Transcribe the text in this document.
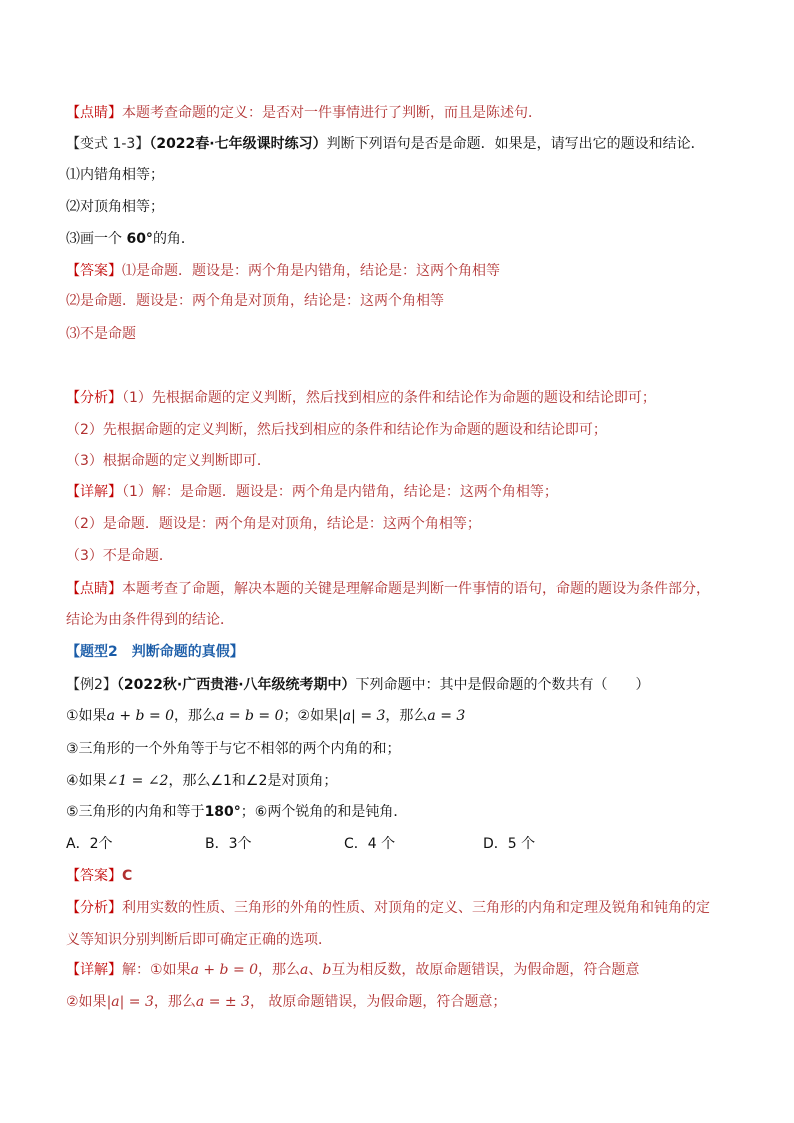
【点睛】本题考查命题的定义：是否对一件事情进行了判断，而且是陈述句．
【变式 1-3】（2022春·七年级课时练习）判断下列语句是否是命题．如果是，请写出它的题设和结论．
⑴内错角相等；
⑵对顶角相等；
⑶画一个 60°的角．
【答案】⑴是命题．题设是：两个角是内错角，结论是：这两个角相等
⑵是命题．题设是：两个角是对顶角，结论是：这两个角相等
⑶不是命题
【分析】（1）先根据命题的定义判断，然后找到相应的条件和结论作为命题的题设和结论即可；
（2）先根据命题的定义判断，然后找到相应的条件和结论作为命题的题设和结论即可；
（3）根据命题的定义判断即可．
【详解】（1）解：是命题．题设是：两个角是内错角，结论是：这两个角相等；
（2）是命题．题设是：两个角是对顶角，结论是：这两个角相等；
（3）不是命题．
【点睛】本题考查了命题，解决本题的关键是理解命题是判断一件事情的语句，命题的题设为条件部分，
结论为由条件得到的结论．
【题型2　判断命题的真假】
【例2】（2022秋·广西贵港·八年级统考期中）下列命题中：其中是假命题的个数共有（　　）
①如果a + b = 0，那么a = b = 0；②如果|a| = 3，那么a = 3
③三角形的一个外角等于与它不相邻的两个内角的和；
④如果∠1 = ∠2，那么∠1和∠2是对顶角；
⑤三角形的内角和等于180°；⑥两个锐角的和是钝角．
A．2个	B．3个	C．4 个	D．5 个
【答案】C
【分析】利用实数的性质、三角形的外角的性质、对顶角的定义、三角形的内角和定理及锐角和钝角的定
义等知识分别判断后即可确定正确的选项．
【详解】解：①如果a + b = 0，那么a、b互为相反数，故原命题错误，为假命题，符合题意
②如果|a| = 3，那么a = ± 3， 故原命题错误，为假命题，符合题意；
